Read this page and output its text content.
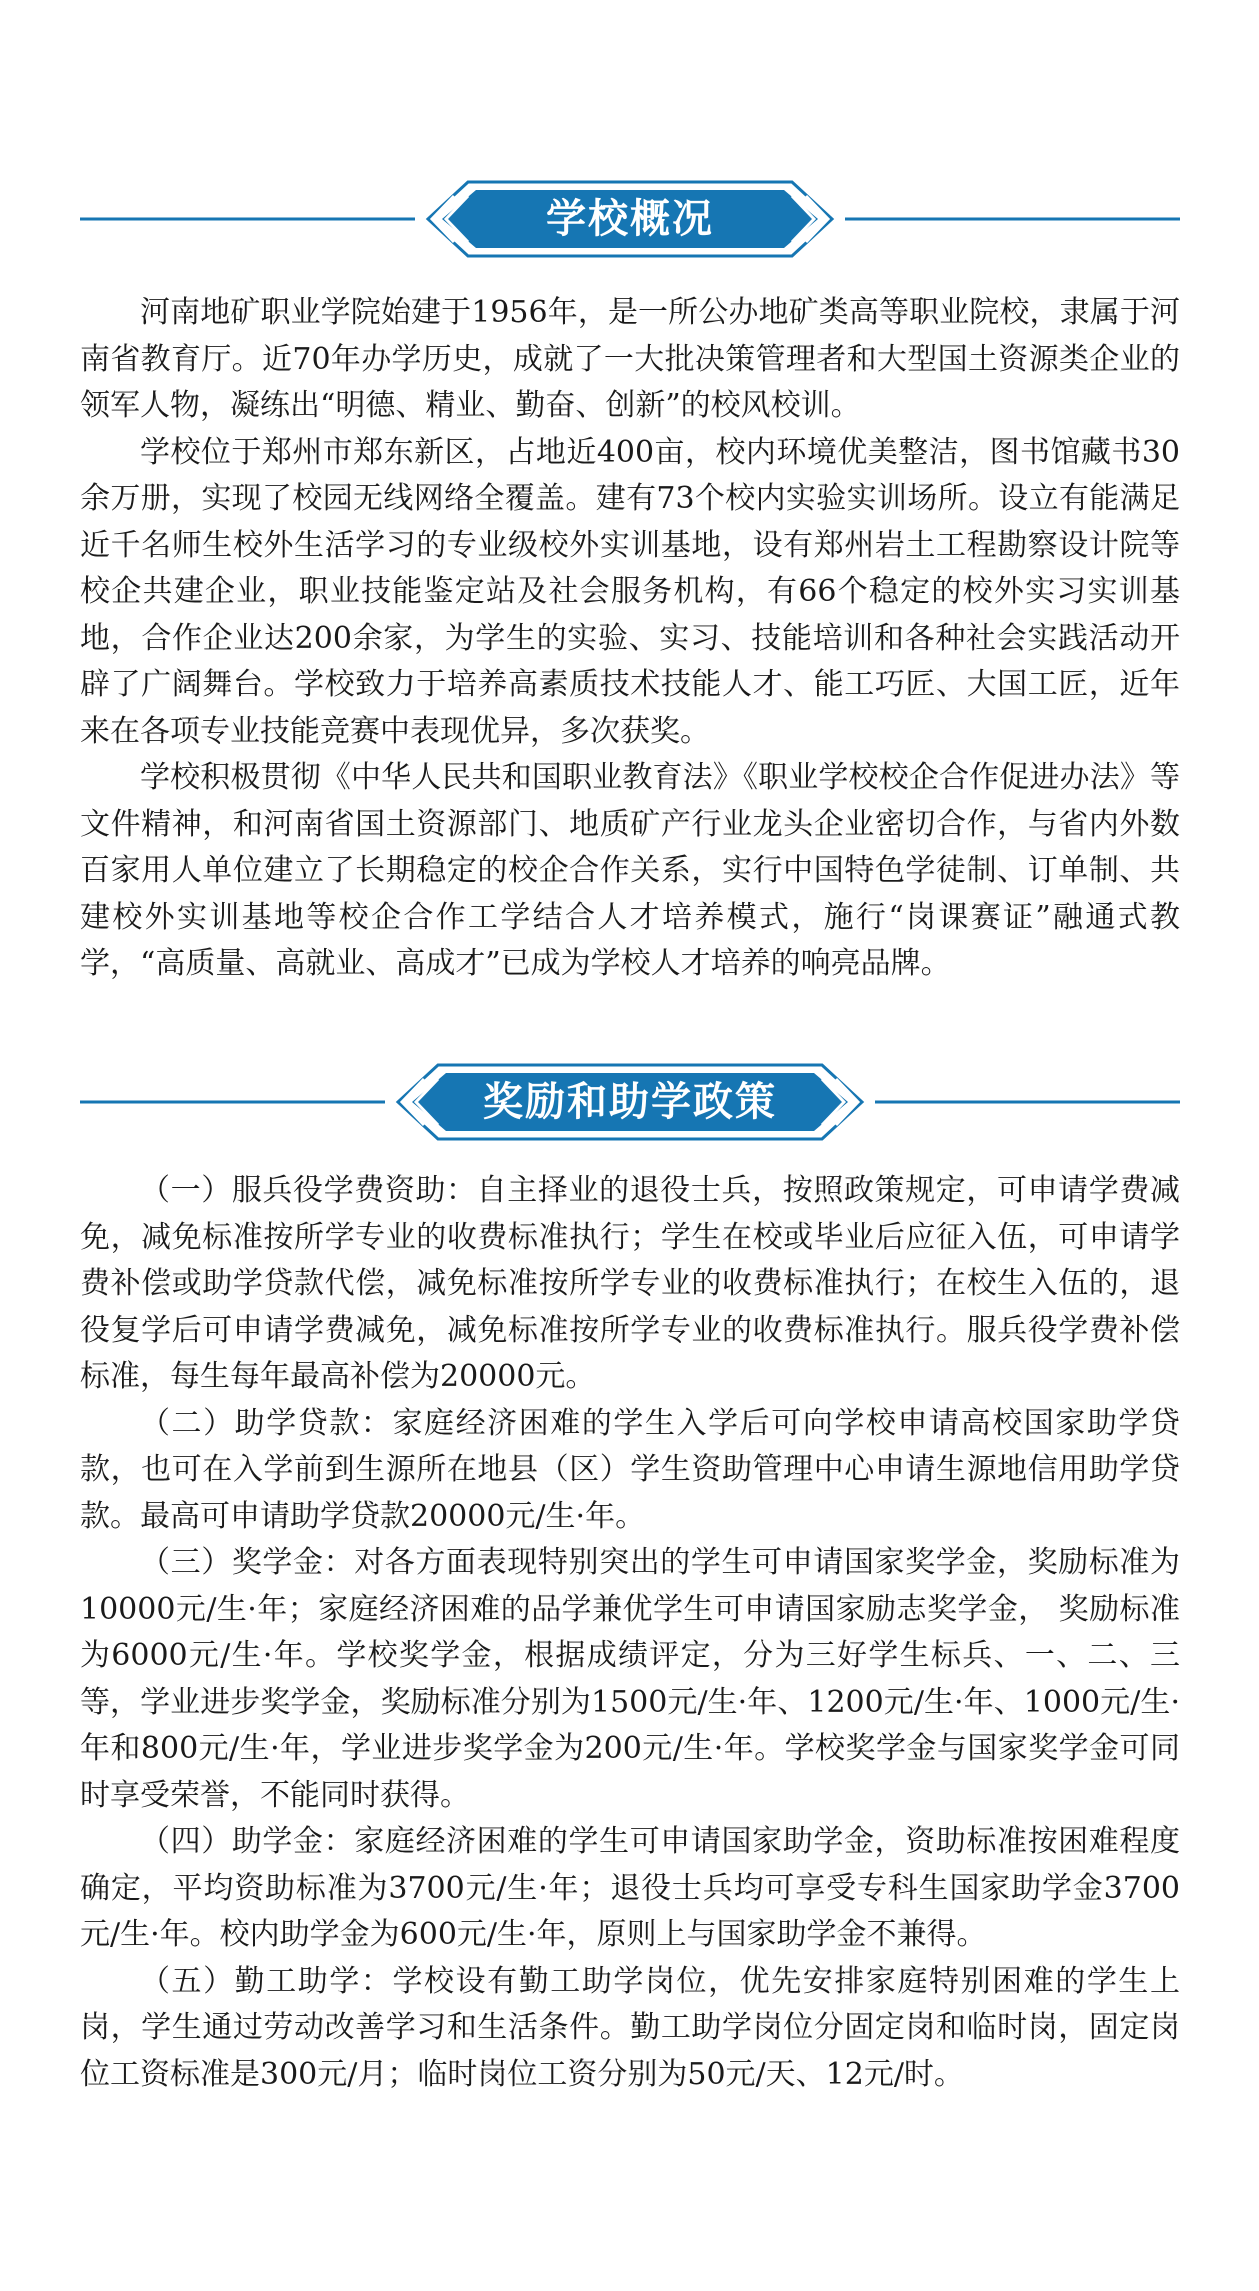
学校概况

河南地矿职业学院始建于1956年，是一所公办地矿类高等职业院校，隶属于河南省教育厅。近70年办学历史，成就了一大批决策管理者和大型国土资源类企业的领军人物，凝练出“明德、精业、勤奋、创新”的校风校训。

学校位于郑州市郑东新区，占地近400亩，校内环境优美整洁，图书馆藏书30余万册，实现了校园无线网络全覆盖。建有73个校内实验实训场所。设立有能满足近千名师生校外生活学习的专业级校外实训基地，设有郑州岩土工程勘察设计院等校企共建企业，职业技能鉴定站及社会服务机构，有66个稳定的校外实习实训基地，合作企业达200余家，为学生的实验、实习、技能培训和各种社会实践活动开辟了广阔舞台。学校致力于培养高素质技术技能人才、能工巧匠、大国工匠，近年来在各项专业技能竞赛中表现优异，多次获奖。

学校积极贯彻《中华人民共和国职业教育法》《职业学校校企合作促进办法》等文件精神，和河南省国土资源部门、地质矿产行业龙头企业密切合作，与省内外数百家用人单位建立了长期稳定的校企合作关系，实行中国特色学徒制、订单制、共建校外实训基地等校企合作工学结合人才培养模式，施行“岗课赛证”融通式教学，“高质量、高就业、高成才”已成为学校人才培养的响亮品牌。

奖励和助学政策

（一）服兵役学费资助：自主择业的退役士兵，按照政策规定，可申请学费减免，减免标准按所学专业的收费标准执行；学生在校或毕业后应征入伍，可申请学费补偿或助学贷款代偿，减免标准按所学专业的收费标准执行；在校生入伍的，退役复学后可申请学费减免，减免标准按所学专业的收费标准执行。服兵役学费补偿标准，每生每年最高补偿为20000元。

（二）助学贷款：家庭经济困难的学生入学后可向学校申请高校国家助学贷款，也可在入学前到生源所在地县（区）学生资助管理中心申请生源地信用助学贷款。最高可申请助学贷款20000元/生·年。

（三）奖学金：对各方面表现特别突出的学生可申请国家奖学金，奖励标准为10000元/生·年；家庭经济困难的品学兼优学生可申请国家励志奖学金， 奖励标准为6000元/生·年。学校奖学金，根据成绩评定，分为三好学生标兵、一、二、三等，学业进步奖学金，奖励标准分别为1500元/生·年、1200元/生·年、1000元/生·年和800元/生·年，学业进步奖学金为200元/生·年。学校奖学金与国家奖学金可同时享受荣誉，不能同时获得。

（四）助学金：家庭经济困难的学生可申请国家助学金，资助标准按困难程度确定，平均资助标准为3700元/生·年；退役士兵均可享受专科生国家助学金3700元/生·年。校内助学金为600元/生·年，原则上与国家助学金不兼得。

（五）勤工助学：学校设有勤工助学岗位，优先安排家庭特别困难的学生上岗，学生通过劳动改善学习和生活条件。勤工助学岗位分固定岗和临时岗，固定岗位工资标准是300元/月；临时岗位工资分别为50元/天、12元/时。
